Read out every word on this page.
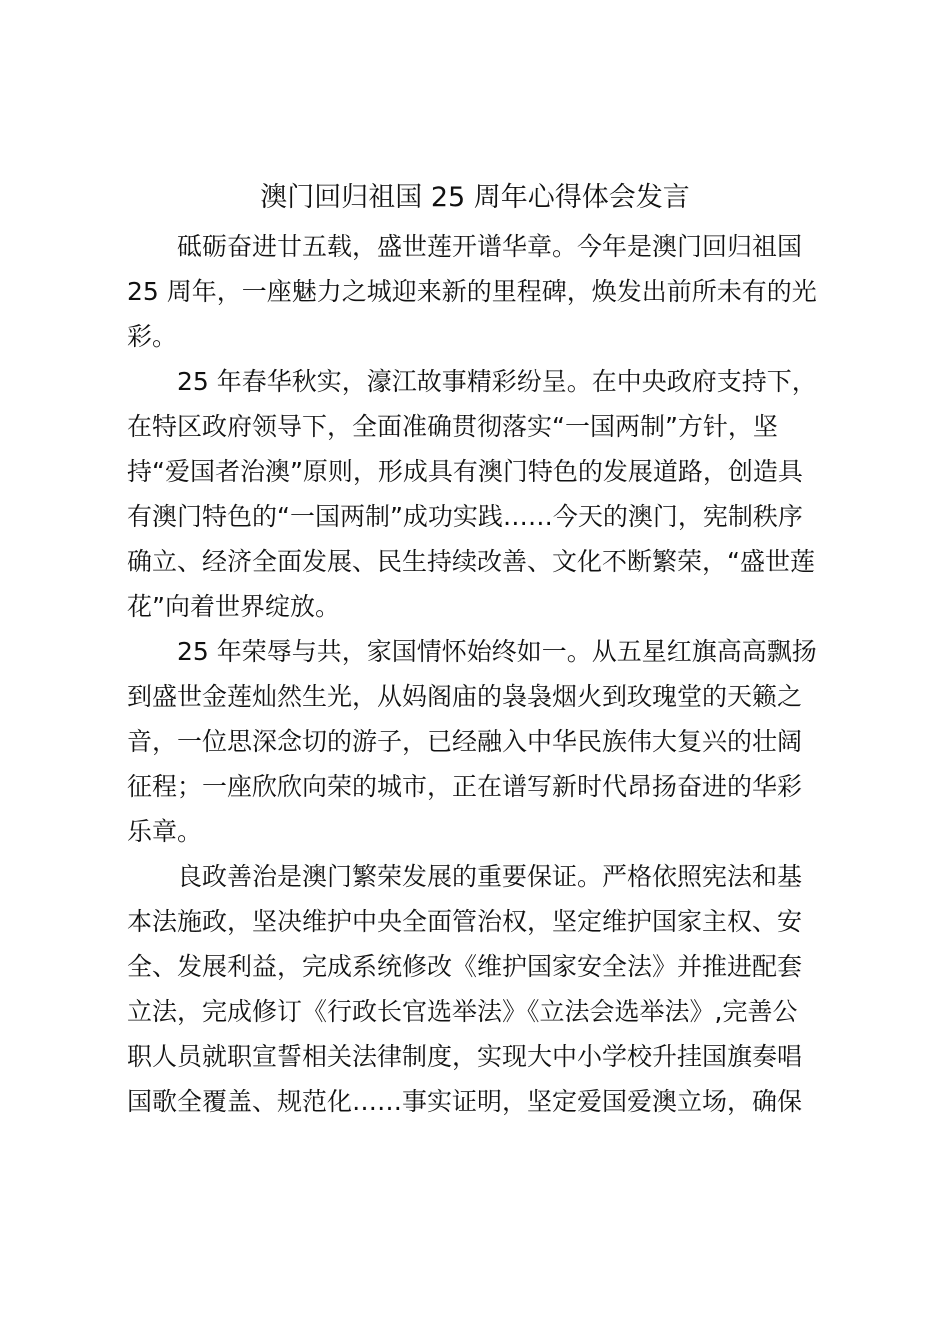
澳门回归祖国 25 周年心得体会发言

砥砺奋进廿五载，盛世莲开谱华章。今年是澳门回归祖国
25 周年，一座魅力之城迎来新的里程碑，焕发出前所未有的光
彩。

25 年春华秋实，濠江故事精彩纷呈。在中央政府支持下，
在特区政府领导下，全面准确贯彻落实“一国两制”方针，坚
持“爱国者治澳”原则，形成具有澳门特色的发展道路，创造具
有澳门特色的“一国两制”成功实践……今天的澳门，宪制秩序
确立、经济全面发展、民生持续改善、文化不断繁荣，“盛世莲
花”向着世界绽放。

25 年荣辱与共，家国情怀始终如一。从五星红旗高高飘扬
到盛世金莲灿然生光，从妈阁庙的袅袅烟火到玫瑰堂的天籁之
音，一位思深念切的游子，已经融入中华民族伟大复兴的壮阔
征程；一座欣欣向荣的城市，正在谱写新时代昂扬奋进的华彩
乐章。

良政善治是澳门繁荣发展的重要保证。严格依照宪法和基
本法施政，坚决维护中央全面管治权，坚定维护国家主权、安
全、发展利益，完成系统修改《维护国家安全法》并推进配套
立法，完成修订《行政长官选举法》《立法会选举法》,完善公
职人员就职宣誓相关法律制度，实现大中小学校升挂国旗奏唱
国歌全覆盖、规范化……事实证明，坚定爱国爱澳立场，确保
